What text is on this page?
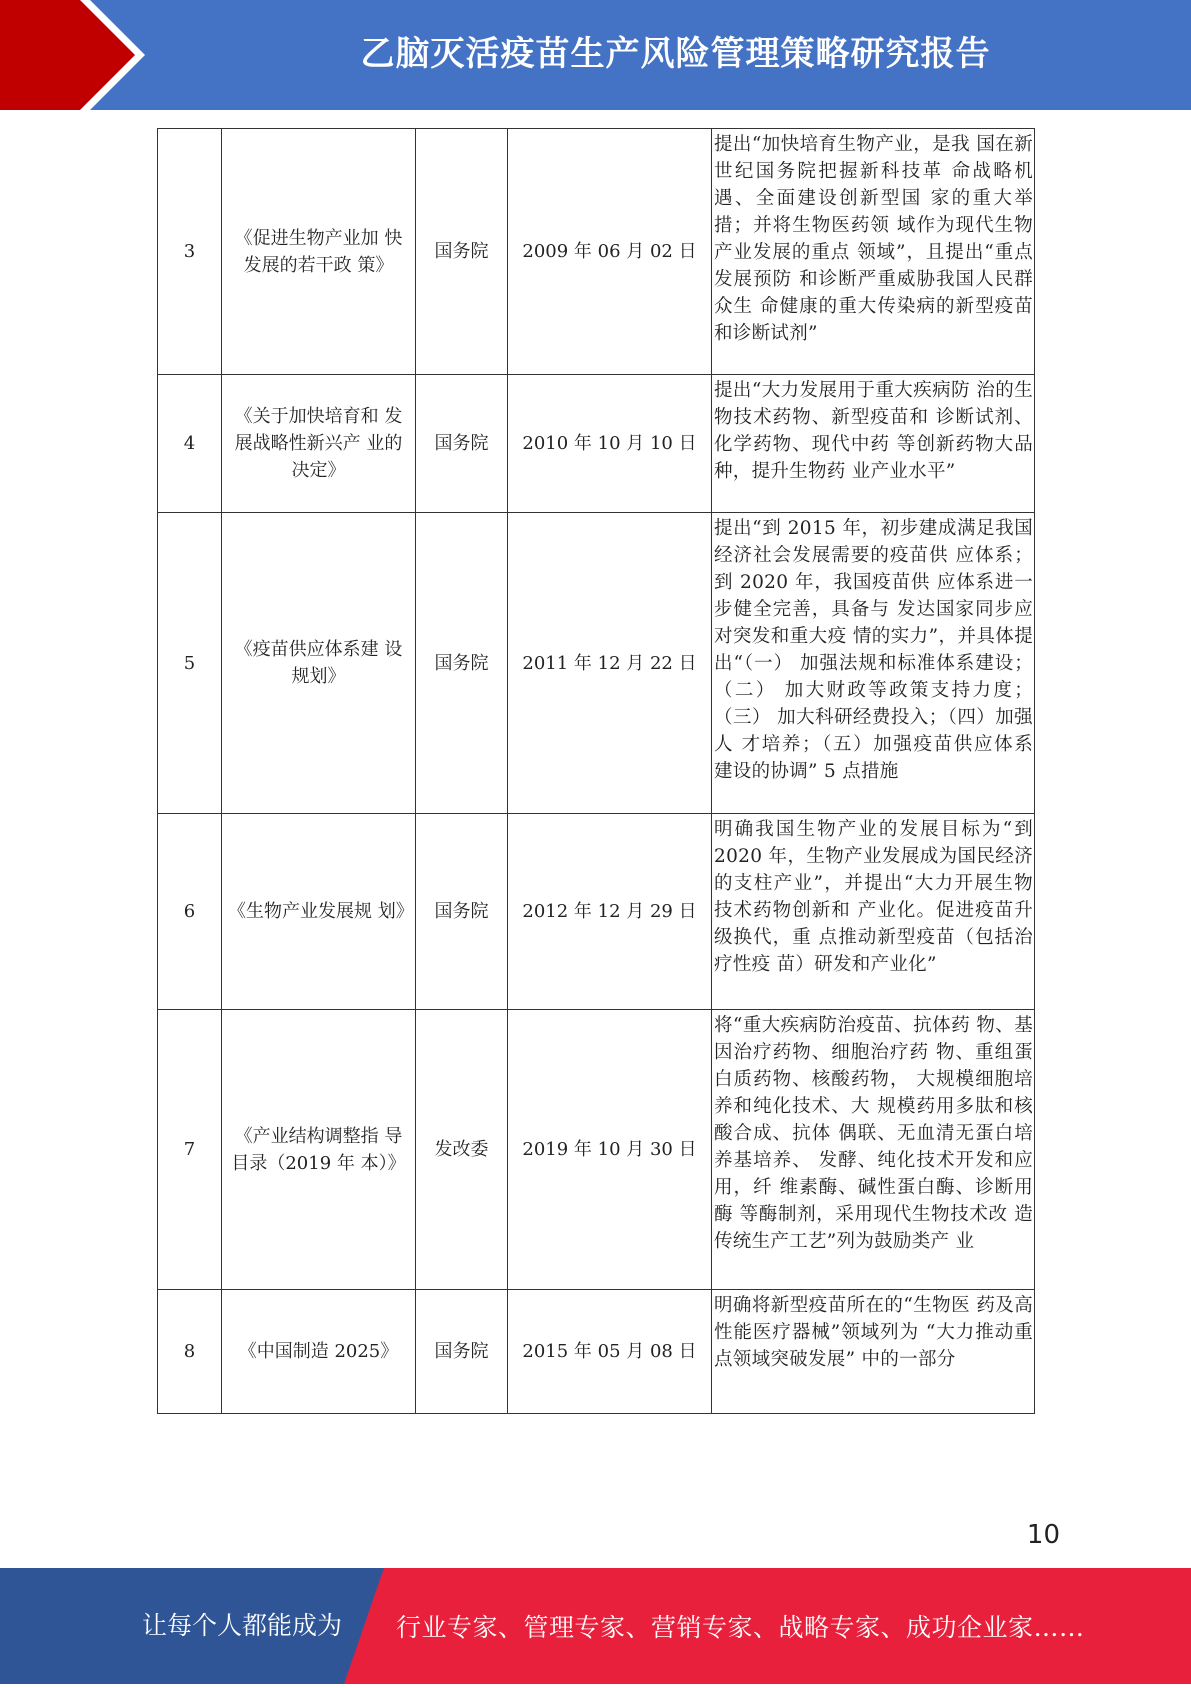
乙脑灭活疫苗生产风险管理策略研究报告
3	《促进生物产业加 快发展的若干政 策》	国务院	2009 年 06 月 02 日	提出“加快培育生物产业，是我 国在新世纪国务院把握新科技革 命战略机遇、全面建设创新型国 家的重大举措；并将生物医药领 域作为现代生物产业发展的重点 领域”，且提出“重点发展预防 和诊断严重威胁我国人民群众生 命健康的重大传染病的新型疫苗 和诊断试剂”
4	《关于加快培育和 发展战略性新兴产 业的决定》	国务院	2010 年 10 月 10 日	提出“大力发展用于重大疾病防 治的生物技术药物、新型疫苗和 诊断试剂、化学药物、现代中药 等创新药物大品种，提升生物药 业产业水平”
5	《疫苗供应体系建 设规划》	国务院	2011 年 12 月 22 日	提出“到 2015 年，初步建成满足我国经济社会发展需要的疫苗供 应体系；到 2020 年，我国疫苗供 应体系进一步健全完善，具备与 发达国家同步应对突发和重大疫 情的实力”，并具体提出“（一） 加强法规和标准体系建设；（二） 加大财政等政策支持力度；（三） 加大科研经费投入；（四）加强人 才培养；（五）加强疫苗供应体系 建设的协调” 5 点措施
6	《生物产业发展规 划》	国务院	2012 年 12 月 29 日	明确我国生物产业的发展目标为“到 2020 年，生物产业发展成为国民经济的支柱产业”，并提出“大力开展生物技术药物创新和 产业化。促进疫苗升级换代，重 点推动新型疫苗（包括治疗性疫 苗）研发和产业化”
7	《产业结构调整指 导目录（2019 年 本）》	发改委	2019 年 10 月 30 日	将“重大疾病防治疫苗、抗体药 物、基因治疗药物、细胞治疗药 物、重组蛋白质药物、核酸药物， 大规模细胞培养和纯化技术、大 规模药用多肽和核酸合成、抗体 偶联、无血清无蛋白培养基培养、 发酵、纯化技术开发和应用，纤 维素酶、碱性蛋白酶、诊断用酶 等酶制剂，采用现代生物技术改 造传统生产工艺”列为鼓励类产 业
8	《中国制造 2025》	国务院	2015 年 05 月 08 日	明确将新型疫苗所在的“生物医 药及高性能医疗器械”领域列为 “大力推动重点领域突破发展” 中的一部分
10
让每个人都能成为 行业专家、管理专家、营销专家、战略专家、成功企业家……
